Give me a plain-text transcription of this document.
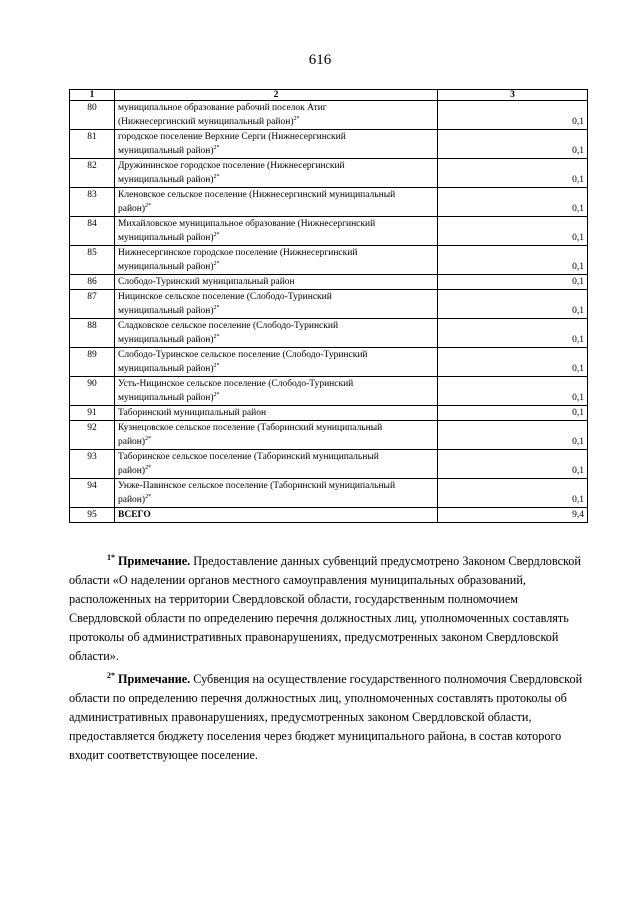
616
1	2	3
80	муниципальное образование рабочий поселок Атиг
(Нижнесергинский муниципальный район)$^{2*}$	0,1
81	городское поселение Верхние Серги (Нижнесергинский
муниципальный район)$^{2*}$	0,1
82	Дружининское городское поселение (Нижнесергинский
муниципальный район)$^{2*}$	0,1
83	Кленовское сельское поселение (Нижнесергинский муниципальный
район)$^{2*}$	0,1
84	Михайловское муниципальное образование (Нижнесергинский
муниципальный район)$^{2*}$	0,1
85	Нижнесергинское городское поселение (Нижнесергинский
муниципальный район)$^{2*}$	0,1
86	Слободо-Туринский муниципальный район	0,1
87	Ницинское сельское поселение (Слободо-Туринский
муниципальный район)$^{2*}$	0,1
88	Сладковское сельское поселение (Слободо-Туринский
муниципальный район)$^{2*}$	0,1
89	Слободо-Туринское сельское поселение (Слободо-Туринский
муниципальный район)$^{2*}$	0,1
90	Усть-Ницинское сельское поселение (Слободо-Туринский
муниципальный район)$^{2*}$	0,1
91	Таборинский муниципальный район	0,1
92	Кузнецовское сельское поселение (Таборинский муниципальный
район)$^{2*}$	0,1
93	Таборинское сельское поселение (Таборинский муниципальный
район)$^{2*}$	0,1
94	Унже-Павинское сельское поселение (Таборинский муниципальный
район)$^{2*}$	0,1
95	ВСЕГО	9,4

$^{1*}$ Примечание. Предоставление данных субвенций предусмотрено Законом Свердловской области «О наделении органов местного самоуправления муниципальных образований, расположенных на территории Свердловской области, государственным полномочием Свердловской области по определению перечня должностных лиц, уполномоченных составлять протоколы об административных правонарушениях, предусмотренных законом Свердловской области».

$^{2*}$ Примечание. Субвенция на осуществление государственного полномочия Свердловской области по определению перечня должностных лиц, уполномоченных составлять протоколы об административных правонарушениях, предусмотренных законом Свердловской области, предоставляется бюджету поселения через бюджет муниципального района, в состав которого входит соответствующее поселение.
